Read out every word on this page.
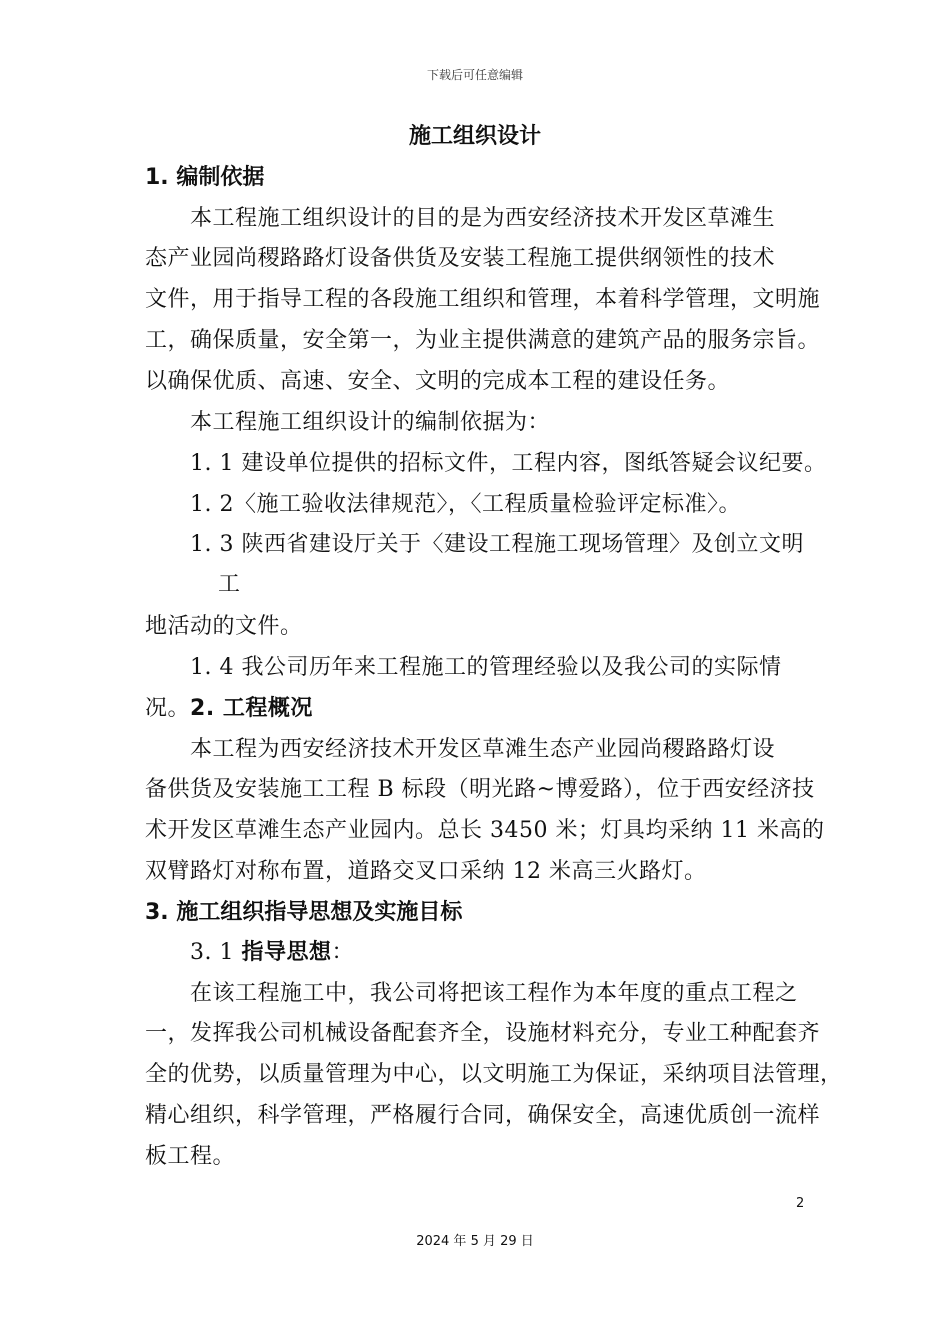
下载后可任意编辑
施工组织设计
1. 编制依据
本工程施工组织设计的目的是为西安经济技术开发区草滩生
态产业园尚稷路路灯设备供货及安装工程施工提供纲领性的技术
文件，用于指导工程的各段施工组织和管理，本着科学管理，文明施
工，确保质量，安全第一，为业主提供满意的建筑产品的服务宗旨。
以确保优质、高速、安全、文明的完成本工程的建设任务。
本工程施工组织设计的编制依据为：
1. 1 建设单位提供的招标文件，工程内容，图纸答疑会议纪要。
1. 2〈施工验收法律规范〉，〈工程质量检验评定标准〉。
1. 3 陕西省建设厅关于〈建设工程施工现场管理〉及创立文明
工
地活动的文件。
1. 4 我公司历年来工程施工的管理经验以及我公司的实际情
况。2. 工程概况
本工程为西安经济技术开发区草滩生态产业园尚稷路路灯设
备供货及安装施工工程 B 标段（明光路~博爱路），位于西安经济技
术开发区草滩生态产业园内。总长 3450 米；灯具均采纳 11 米高的
双臂路灯对称布置，道路交叉口采纳 12 米高三火路灯。
3. 施工组织指导思想及实施目标
3. 1 指导思想：
在该工程施工中，我公司将把该工程作为本年度的重点工程之
一，发挥我公司机械设备配套齐全，设施材料充分，专业工种配套齐
全的优势，以质量管理为中心，以文明施工为保证，采纳项目法管理，
精心组织，科学管理，严格履行合同，确保安全，高速优质创一流样
板工程。
2
2024 年 5 月 29 日
